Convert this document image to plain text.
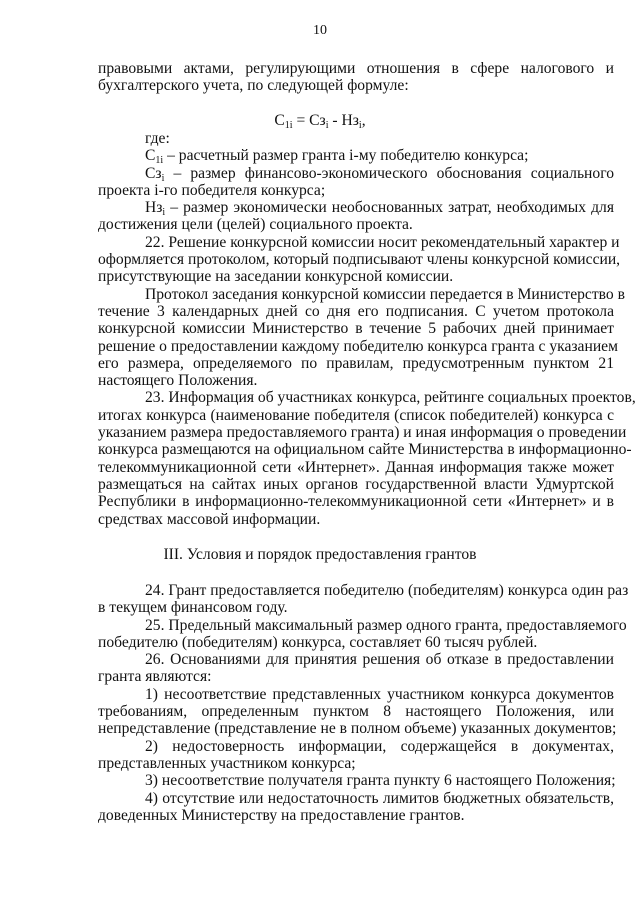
10
правовыми актами, регулирующими отношения в сфере налогового и
бухгалтерского учета, по следующей формуле:
$С_{1i} = Сз_i - Нз_i$,
где:
$С_{1i}$ – расчетный размер гранта i-му победителю конкурса;
$Сз_i$ – размер финансово-экономического обоснования социального
проекта i-го победителя конкурса;
$Нз_i$ – размер экономически необоснованных затрат, необходимых для
достижения цели (целей) социального проекта.
22. Решение конкурсной комиссии носит рекомендательный характер и
оформляется протоколом, который подписывают члены конкурсной комиссии,
присутствующие на заседании конкурсной комиссии.
Протокол заседания конкурсной комиссии передается в Министерство в
течение 3 календарных дней со дня его подписания. С учетом протокола
конкурсной комиссии Министерство в течение 5 рабочих дней принимает
решение о предоставлении каждому победителю конкурса гранта с указанием
его размера, определяемого по правилам, предусмотренным пунктом 21
настоящего Положения.
23. Информация об участниках конкурса, рейтинге социальных проектов,
итогах конкурса (наименование победителя (список победителей) конкурса с
указанием размера предоставляемого гранта) и иная информация о проведении
конкурса размещаются на официальном сайте Министерства в информационно-
телекоммуникационной сети «Интернет». Данная информация также может
размещаться на сайтах иных органов государственной власти Удмуртской
Республики в информационно-телекоммуникационной сети «Интернет» и в
средствах массовой информации.
III. Условия и порядок предоставления грантов
24. Грант предоставляется победителю (победителям) конкурса один раз
в текущем финансовом году.
25. Предельный максимальный размер одного гранта, предоставляемого
победителю (победителям) конкурса, составляет 60 тысяч рублей.
26. Основаниями для принятия решения об отказе в предоставлении
гранта являются:
1) несоответствие представленных участником конкурса документов
требованиям, определенным пунктом 8 настоящего Положения, или
непредставление (представление не в полном объеме) указанных документов;
2) недостоверность информации, содержащейся в документах,
представленных участником конкурса;
3) несоответствие получателя гранта пункту 6 настоящего Положения;
4) отсутствие или недостаточность лимитов бюджетных обязательств,
доведенных Министерству на предоставление грантов.
